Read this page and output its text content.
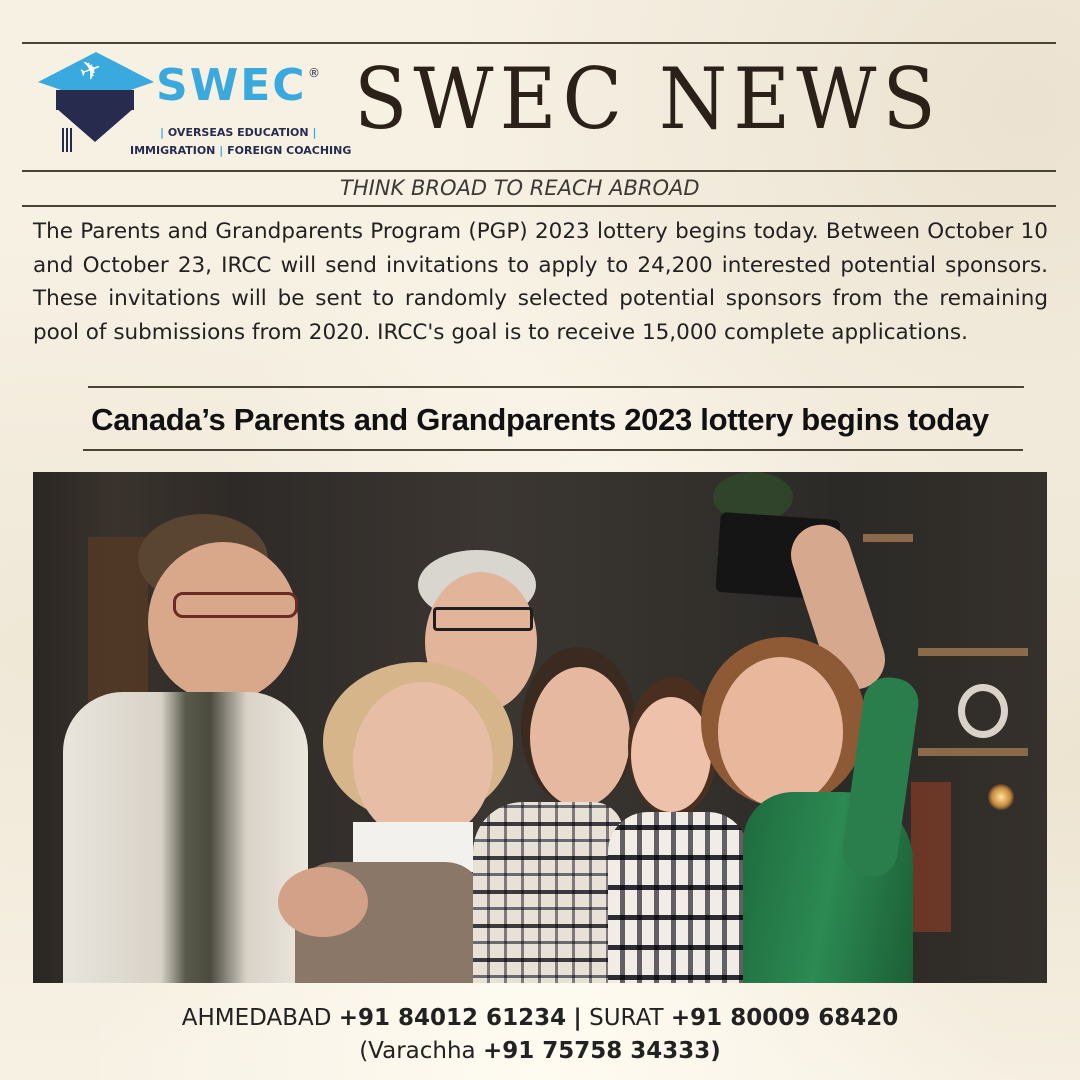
✈ SWEC ®
| OVERSEAS EDUCATION |
IMMIGRATION | FOREIGN COACHING
SWEC NEWS
THINK BROAD TO REACH ABROAD
The Parents and Grandparents Program (PGP) 2023 lottery begins today. Between October 10 and October 23, IRCC will send invitations to apply to 24,200 interested potential sponsors. These invitations will be sent to randomly selected potential sponsors from the remaining pool of submissions from 2020. IRCC's goal is to receive 15,000 complete applications.
Canada’s Parents and Grandparents 2023 lottery begins today
AHMEDABAD +91 84012 61234 | SURAT +91 80009 68420
(Varachha +91 75758 34333)
